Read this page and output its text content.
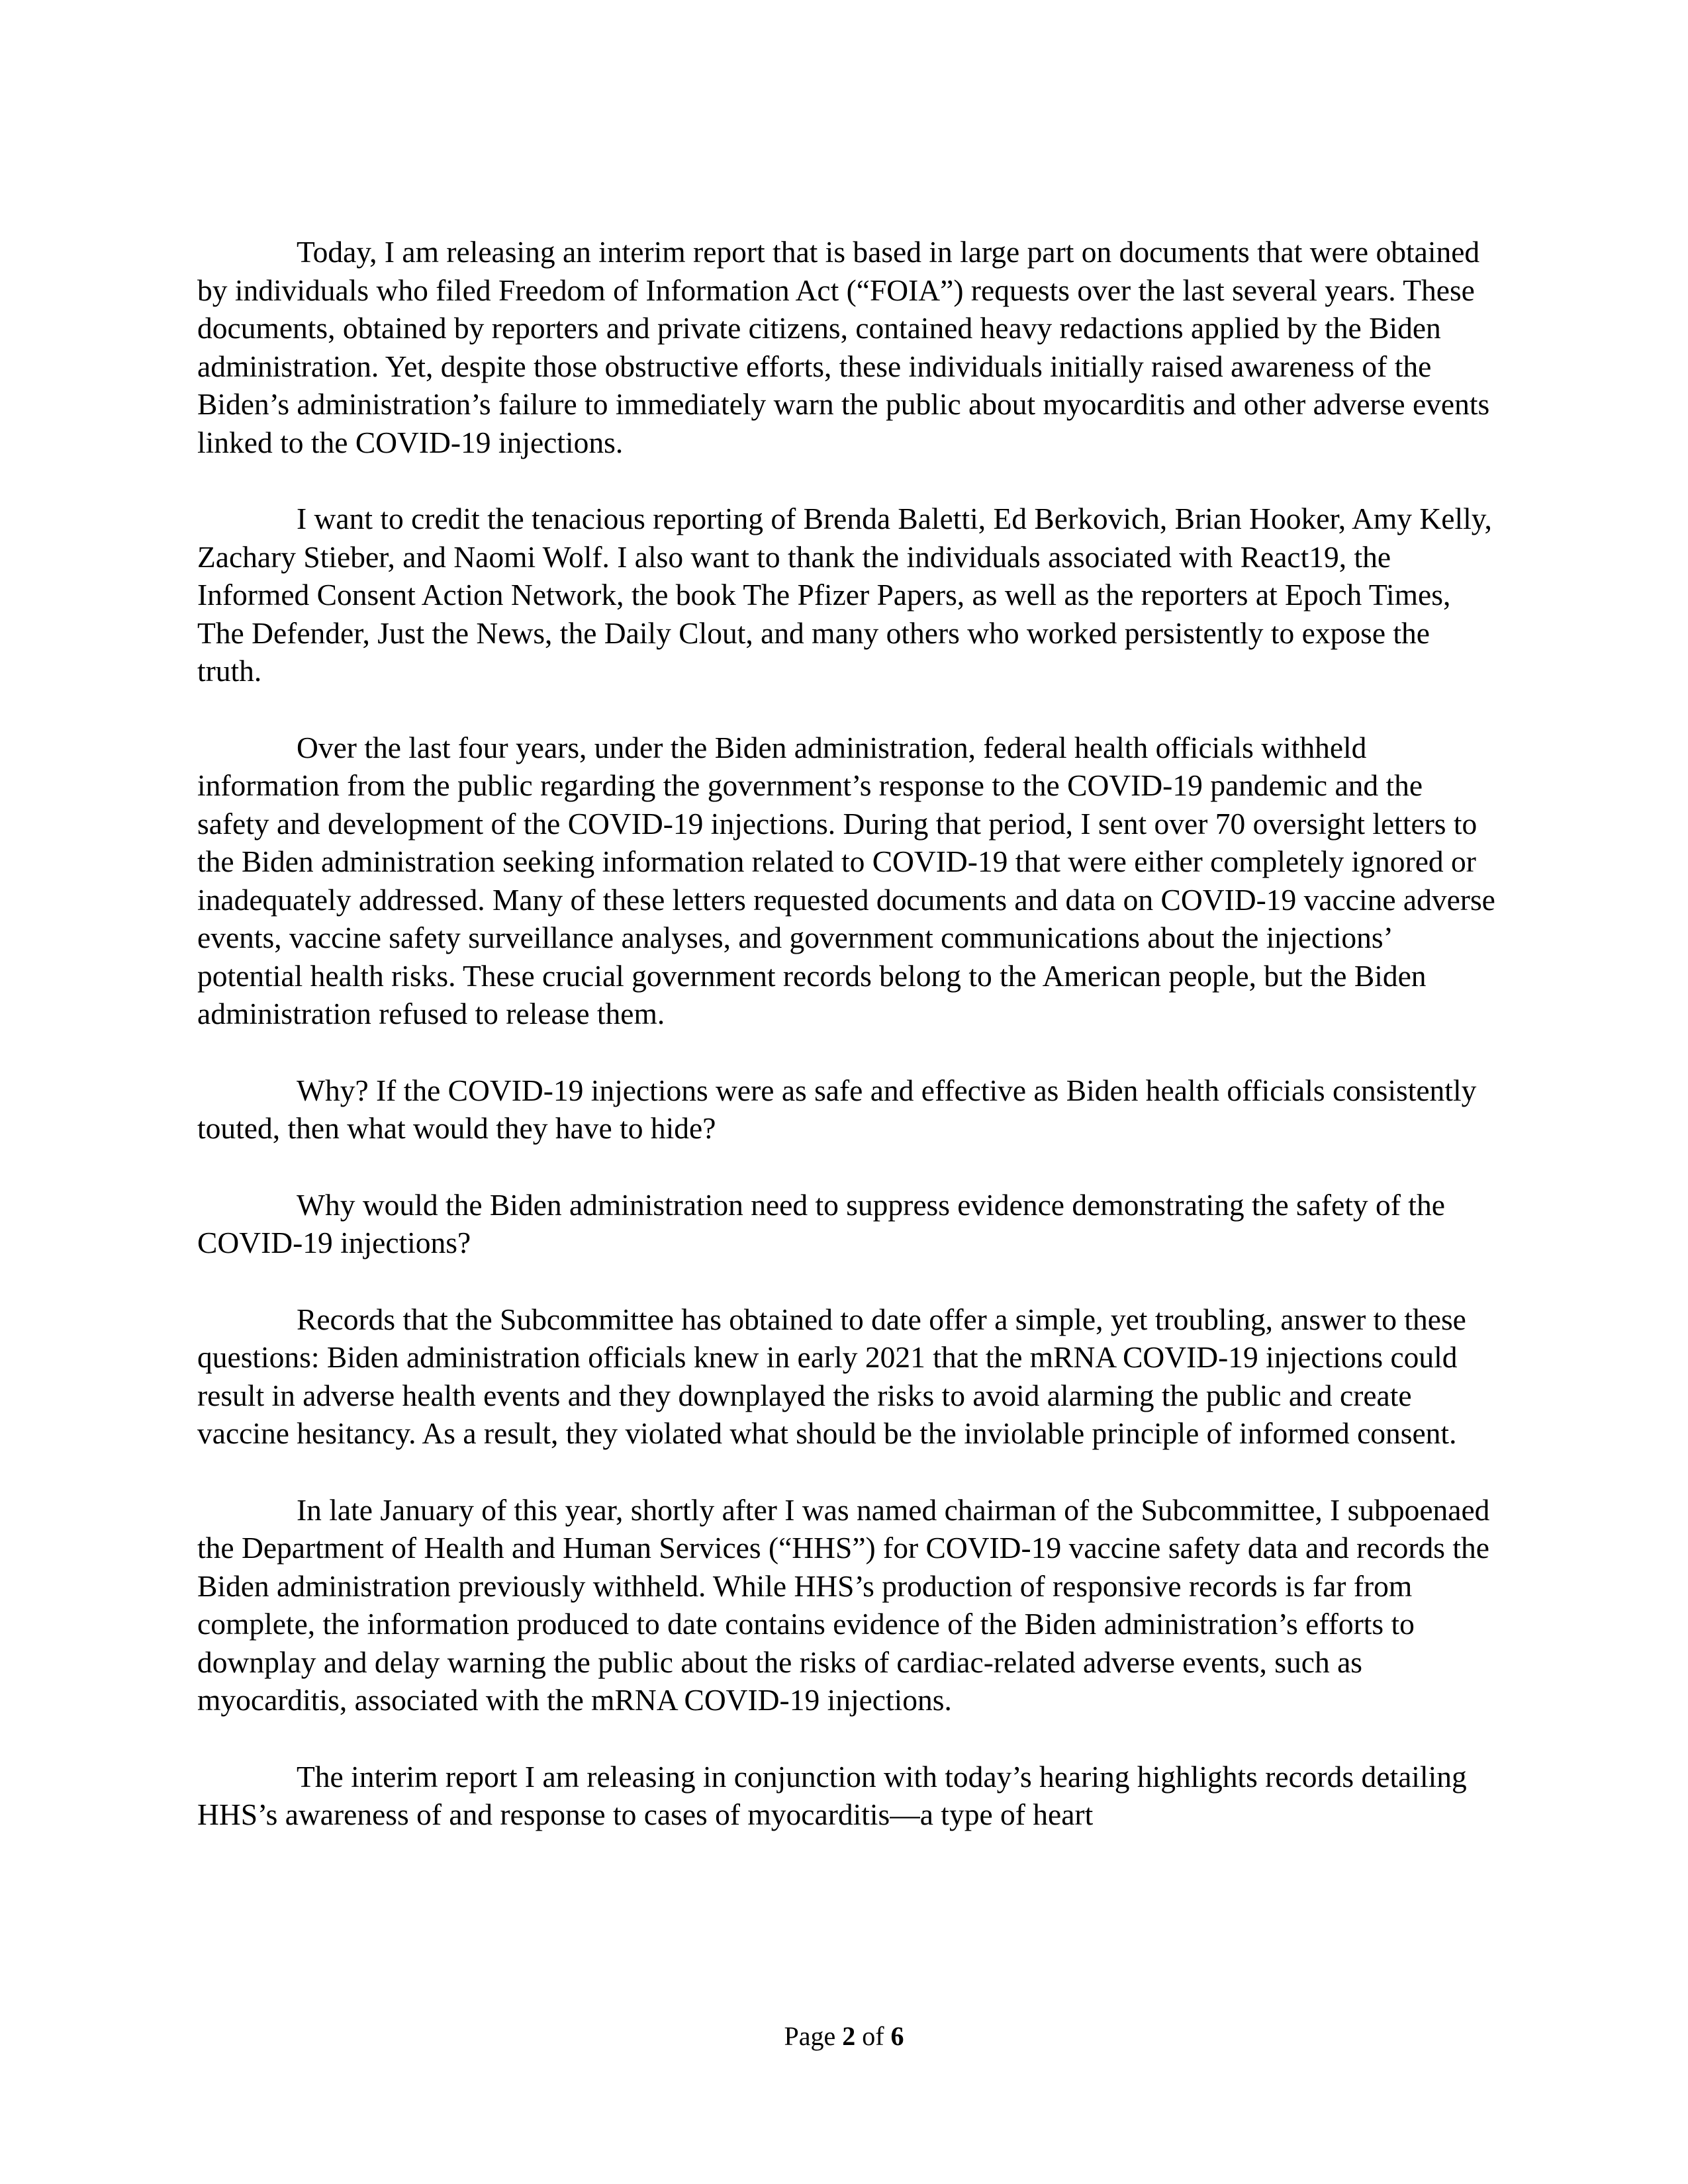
Today, I am releasing an interim report that is based in large part on documents that were obtained by individuals who filed Freedom of Information Act (“FOIA”) requests over the last several years. These documents, obtained by reporters and private citizens, contained heavy redactions applied by the Biden administration. Yet, despite those obstructive efforts, these individuals initially raised awareness of the Biden’s administration’s failure to immediately warn the public about myocarditis and other adverse events linked to the COVID-19 injections.

I want to credit the tenacious reporting of Brenda Baletti, Ed Berkovich, Brian Hooker, Amy Kelly, Zachary Stieber, and Naomi Wolf. I also want to thank the individuals associated with React19, the Informed Consent Action Network, the book The Pfizer Papers, as well as the reporters at Epoch Times, The Defender, Just the News, the Daily Clout, and many others who worked persistently to expose the truth.

Over the last four years, under the Biden administration, federal health officials withheld information from the public regarding the government’s response to the COVID-19 pandemic and the safety and development of the COVID-19 injections. During that period, I sent over 70 oversight letters to the Biden administration seeking information related to COVID-19 that were either completely ignored or inadequately addressed. Many of these letters requested documents and data on COVID-19 vaccine adverse events, vaccine safety surveillance analyses, and government communications about the injections’ potential health risks. These crucial government records belong to the American people, but the Biden administration refused to release them.

Why? If the COVID-19 injections were as safe and effective as Biden health officials consistently touted, then what would they have to hide?

Why would the Biden administration need to suppress evidence demonstrating the safety of the COVID-19 injections?

Records that the Subcommittee has obtained to date offer a simple, yet troubling, answer to these questions: Biden administration officials knew in early 2021 that the mRNA COVID-19 injections could result in adverse health events and they downplayed the risks to avoid alarming the public and create vaccine hesitancy. As a result, they violated what should be the inviolable principle of informed consent.

In late January of this year, shortly after I was named chairman of the Subcommittee, I subpoenaed the Department of Health and Human Services (“HHS”) for COVID-19 vaccine safety data and records the Biden administration previously withheld. While HHS’s production of responsive records is far from complete, the information produced to date contains evidence of the Biden administration’s efforts to downplay and delay warning the public about the risks of cardiac-related adverse events, such as myocarditis, associated with the mRNA COVID-19 injections.

The interim report I am releasing in conjunction with today’s hearing highlights records detailing HHS’s awareness of and response to cases of myocarditis—a type of heart

Page 2 of 6
